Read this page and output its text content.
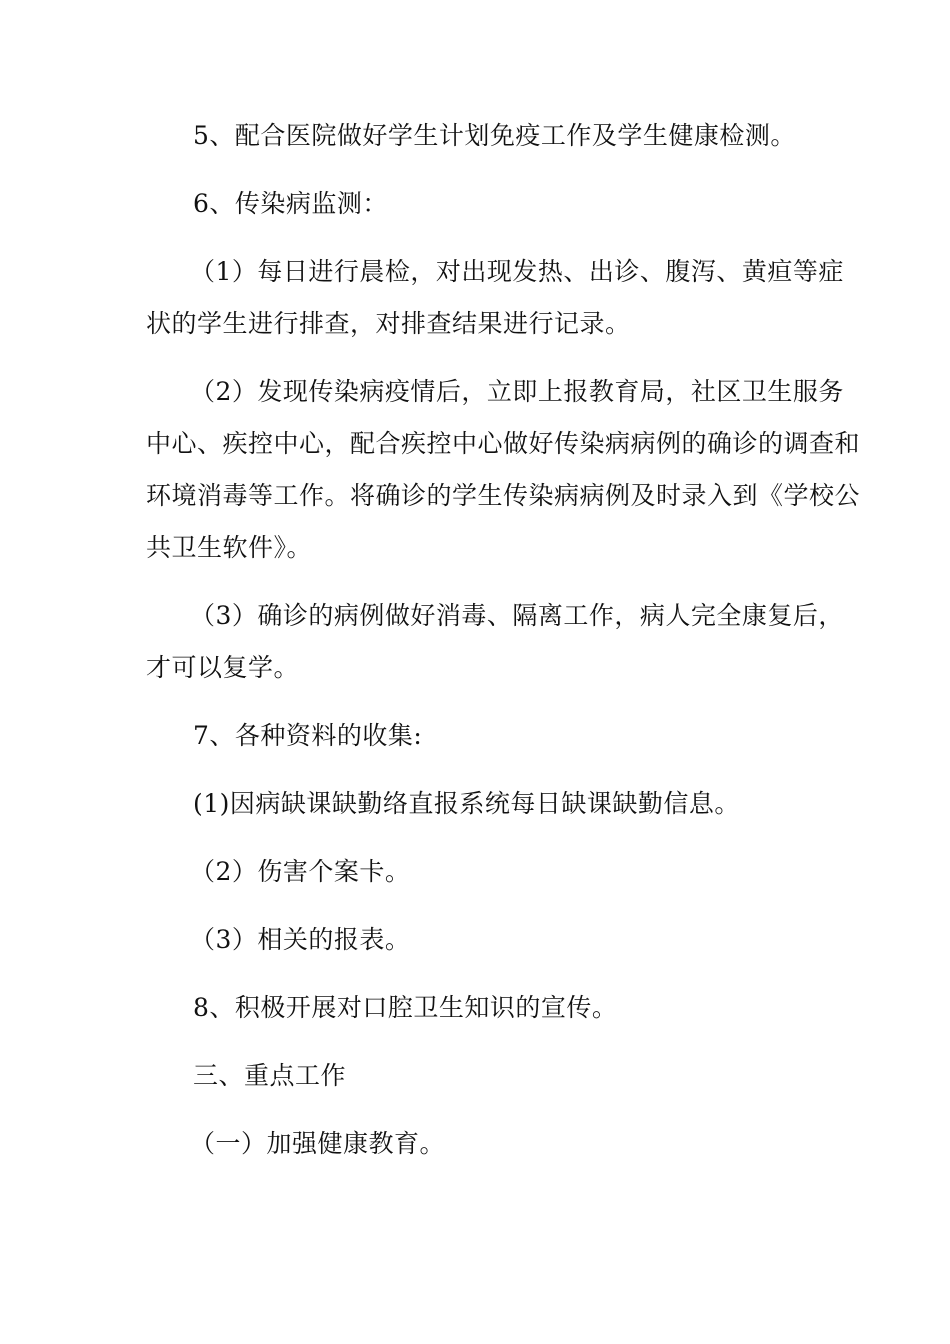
5、配合医院做好学生计划免疫工作及学生健康检测。
6、传染病监测：
（1）每日进行晨检，对出现发热、出诊、腹泻、黄疸等症
状的学生进行排查，对排查结果进行记录。
（2）发现传染病疫情后，立即上报教育局，社区卫生服务
中心、疾控中心，配合疾控中心做好传染病病例的确诊的调查和
环境消毒等工作。将确诊的学生传染病病例及时录入到《学校公
共卫生软件》。
（3）确诊的病例做好消毒、隔离工作，病人完全康复后，
才可以复学。
7、各种资料的收集:
(1)因病缺课缺勤络直报系统每日缺课缺勤信息。
（2）伤害个案卡。
（3）相关的报表。
8、积极开展对口腔卫生知识的宣传。
三、重点工作
（一）加强健康教育。
